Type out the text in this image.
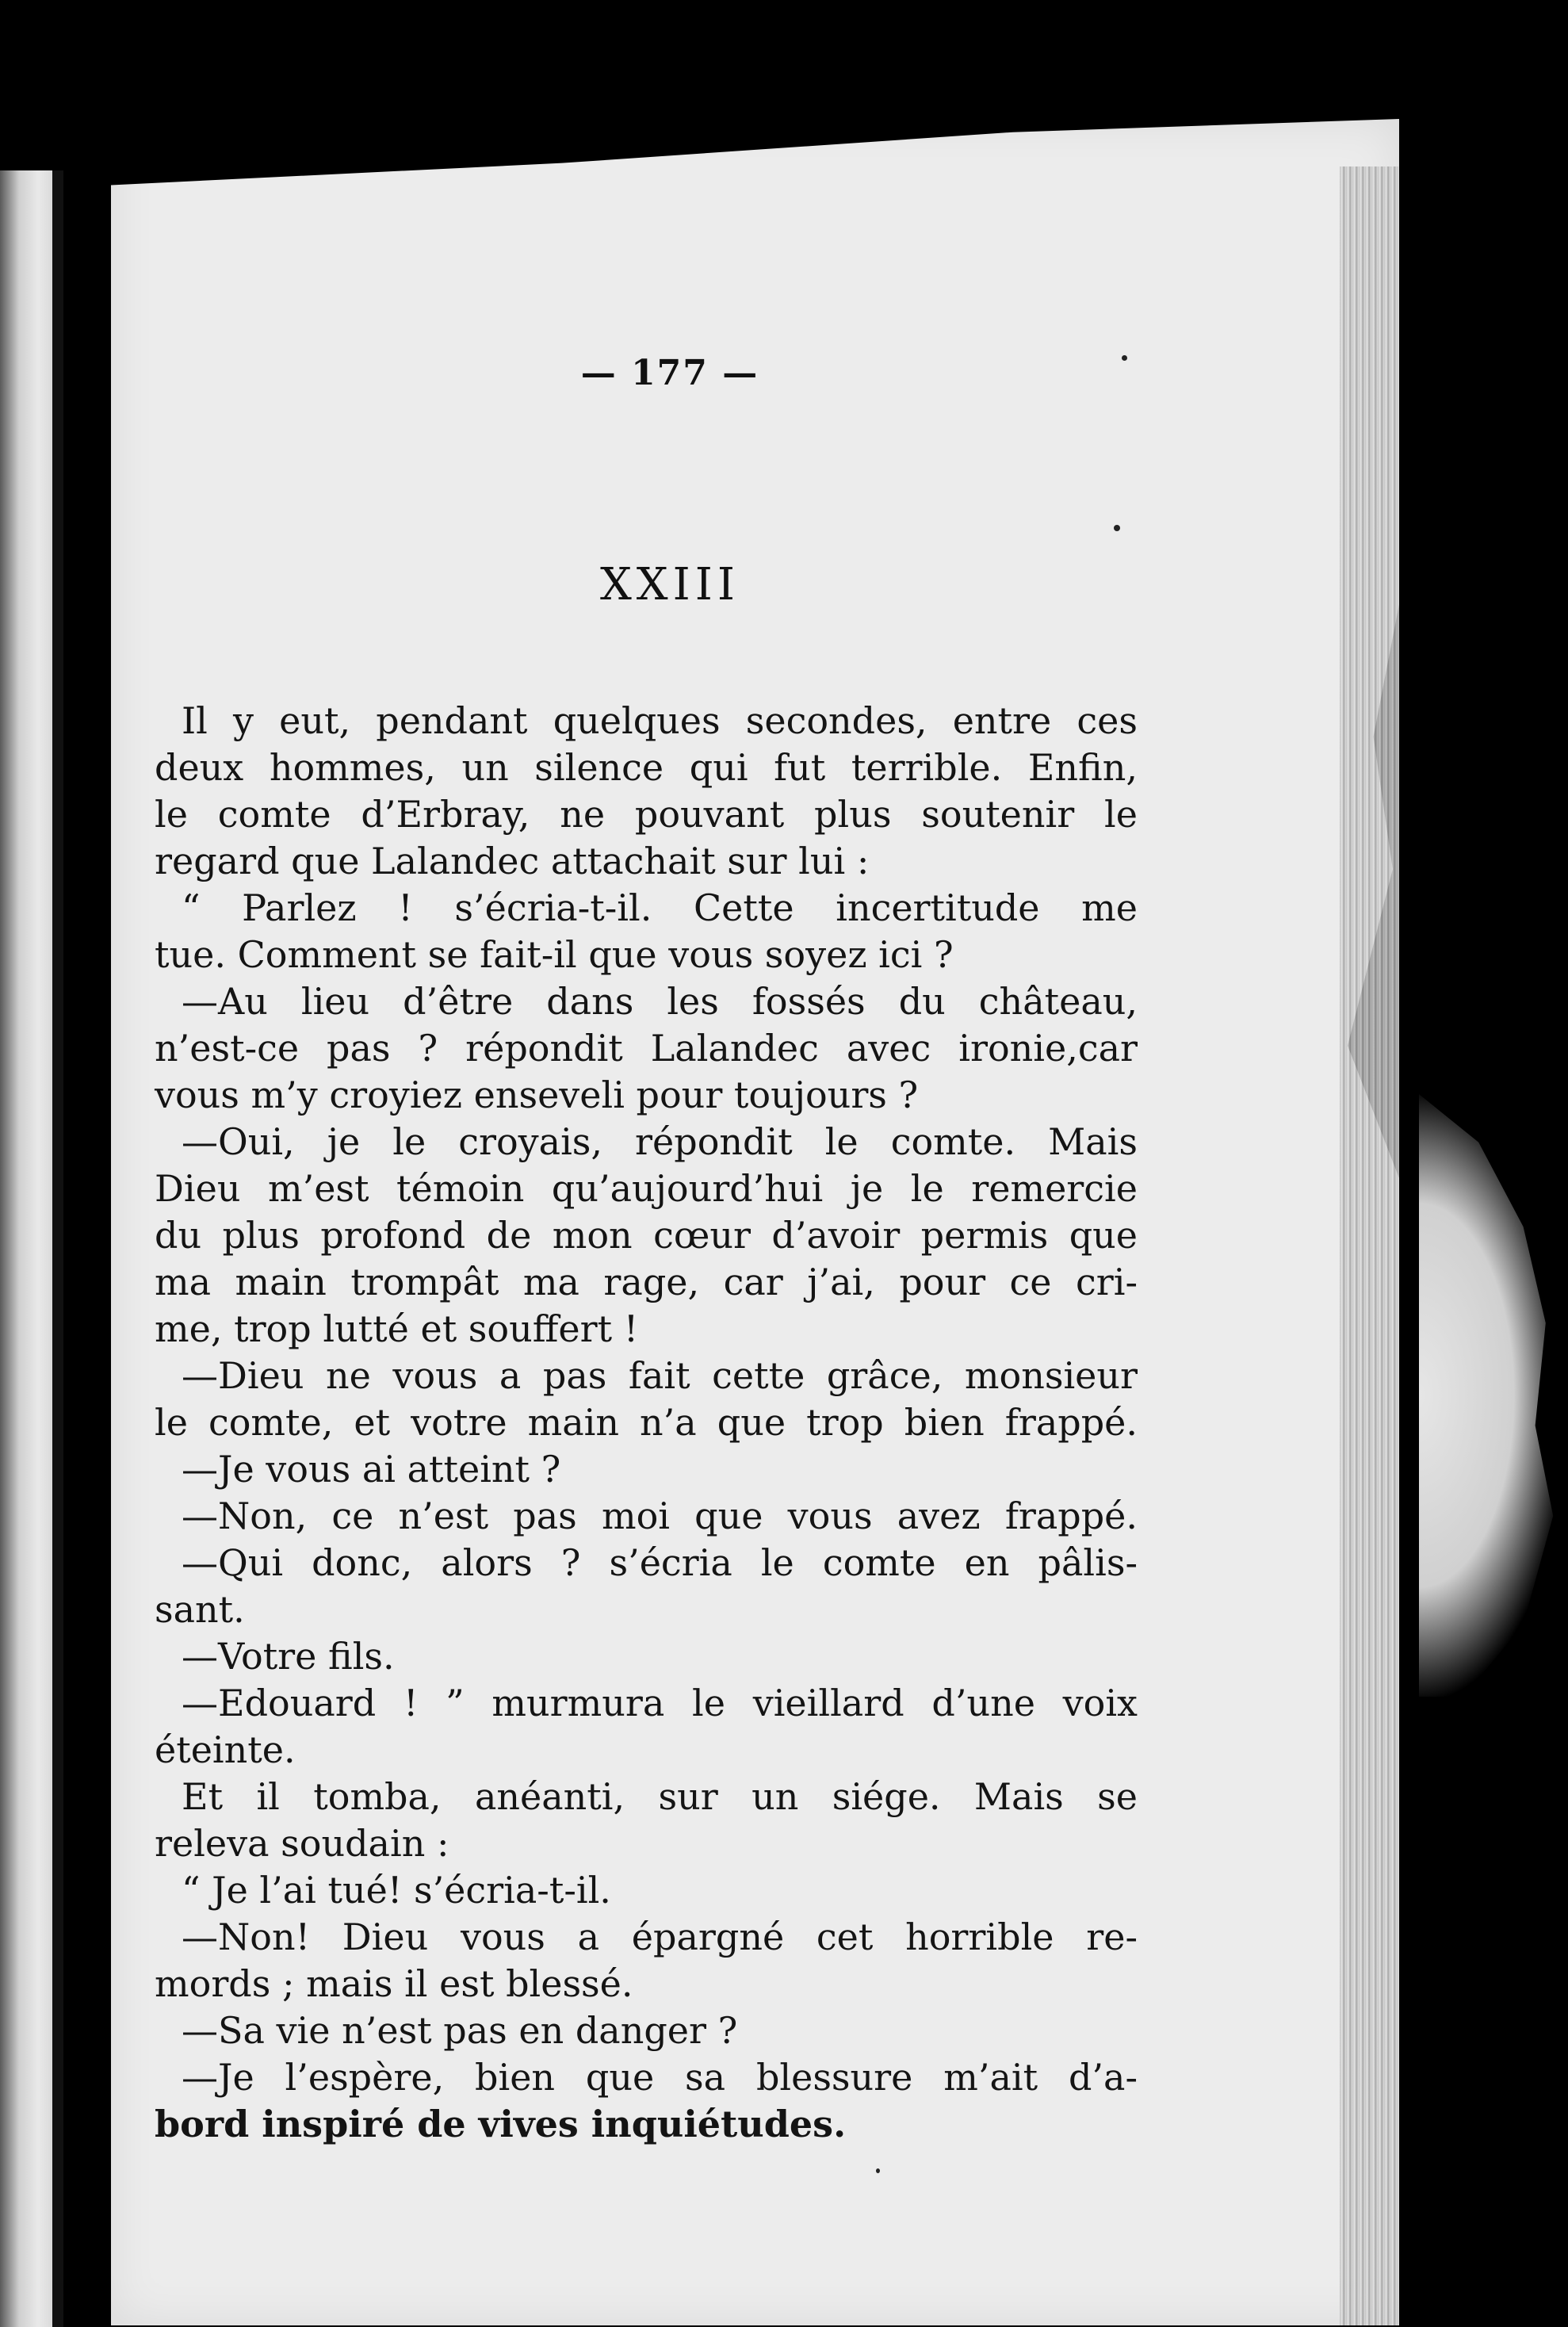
— 177 —
XXIII
Il y eut, pendant quelques secondes, entre ces
deux hommes, un silence qui fut terrible. Enfin,
le comte d’Erbray, ne pouvant plus soutenir le
regard que Lalandec attachait sur lui :
“ Parlez ! s’écria-t-il. Cette incertitude me
tue. Comment se fait-il que vous soyez ici ?
—Au lieu d’être dans les fossés du château,
n’est-ce pas ? répondit Lalandec avec ironie,car
vous m’y croyiez enseveli pour toujours ?
—Oui, je le croyais, répondit le comte. Mais
Dieu m’est témoin qu’aujourd’hui je le remercie
du plus profond de mon cœur d’avoir permis que
ma main trompât ma rage, car j’ai, pour ce cri-
me, trop lutté et souffert !
—Dieu ne vous a pas fait cette grâce, monsieur
le comte, et votre main n’a que trop bien frappé.
—Je vous ai atteint ?
—Non, ce n’est pas moi que vous avez frappé.
—Qui donc, alors ? s’écria le comte en pâlis-
sant.
—Votre fils.
—Edouard ! ” murmura le vieillard d’une voix
éteinte.
Et il tomba, anéanti, sur un siége. Mais se
releva soudain :
“ Je l’ai tué! s’écria-t-il.
—Non! Dieu vous a épargné cet horrible re-
mords ; mais il est blessé.
—Sa vie n’est pas en danger ?
—Je l’espère, bien que sa blessure m’ait d’a-
bord inspiré de vives inquiétudes.
